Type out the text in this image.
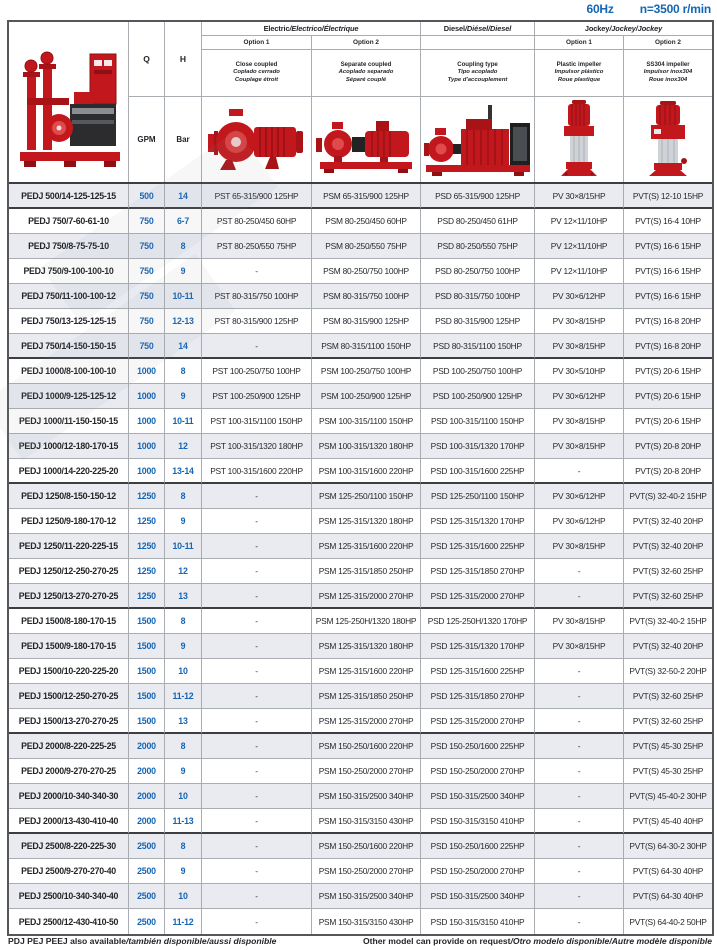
60Hz n=3500 r/min
Q	H
Electric /Electrico/Électrique	Diesel /Diésel/Diesel	Jockey /Jockey/Jockey
Option 1	Option 2	Option 1	Option 2
Close coupled
Coplado cerrado
Couplage étroit
Separate coupled
Acoplado separado
Séparé couplé
Coupling type
Tipo acoplado
Type d'accouplement
Plastic impeller
Impulsor plástico
Roue plastique
SS304 impeller
Impulsor inox304
Roue inox304
GPM	Bar
PEDJ 500/14-125-125-15	500	14	PST 65-315/900 125HP	PSM 65-315/900 125HP	PSD 65-315/900 125HP	PV 30×8/15HP	PVT(S) 12-10 15HP
PEDJ 750/7-60-61-10	750	6-7	PST 80-250/450 60HP	PSM 80-250/450 60HP	PSD 80-250/450 61HP	PV 12×11/10HP	PVT(S) 16-4 10HP
PEDJ 750/8-75-75-10	750	8	PST 80-250/550 75HP	PSM 80-250/550 75HP	PSD 80-250/550 75HP	PV 12×11/10HP	PVT(S) 16-6 15HP
PEDJ 750/9-100-100-10	750	9	-	PSM 80-250/750 100HP	PSD 80-250/750 100HP	PV 12×11/10HP	PVT(S) 16-6 15HP
PEDJ 750/11-100-100-12	750	10-11	PST 80-315/750 100HP	PSM 80-315/750 100HP	PSD 80-315/750 100HP	PV 30×6/12HP	PVT(S) 16-6 15HP
PEDJ 750/13-125-125-15	750	12-13	PST 80-315/900 125HP	PSM 80-315/900 125HP	PSD 80-315/900 125HP	PV 30×8/15HP	PVT(S) 16-8 20HP
PEDJ 750/14-150-150-15	750	14	-	PSM 80-315/1100 150HP	PSD 80-315/1100 150HP	PV 30×8/15HP	PVT(S) 16-8 20HP
PEDJ 1000/8-100-100-10	1000	8	PST 100-250/750 100HP	PSM 100-250/750 100HP	PSD 100-250/750 100HP	PV 30×5/10HP	PVT(S) 20-6 15HP
PEDJ 1000/9-125-125-12	1000	9	PST 100-250/900 125HP	PSM 100-250/900 125HP	PSD 100-250/900 125HP	PV 30×6/12HP	PVT(S) 20-6 15HP
PEDJ 1000/11-150-150-15	1000	10-11	PST 100-315/1100 150HP	PSM 100-315/1100 150HP	PSD 100-315/1100 150HP	PV 30×8/15HP	PVT(S) 20-6 15HP
PEDJ 1000/12-180-170-15	1000	12	PST 100-315/1320 180HP	PSM 100-315/1320 180HP	PSD 100-315/1320 170HP	PV 30×8/15HP	PVT(S) 20-8 20HP
PEDJ 1000/14-220-225-20	1000	13-14	PST 100-315/1600 220HP	PSM 100-315/1600 220HP	PSD 100-315/1600 225HP	-	PVT(S) 20-8 20HP
PEDJ 1250/8-150-150-12	1250	8	-	PSM 125-250/1100 150HP	PSD 125-250/1100 150HP	PV 30×6/12HP	PVT(S) 32-40-2 15HP
PEDJ 1250/9-180-170-12	1250	9	-	PSM 125-315/1320 180HP	PSD 125-315/1320 170HP	PV 30×6/12HP	PVT(S) 32-40 20HP
PEDJ 1250/11-220-225-15	1250	10-11	-	PSM 125-315/1600 220HP	PSD 125-315/1600 225HP	PV 30×8/15HP	PVT(S) 32-40 20HP
PEDJ 1250/12-250-270-25	1250	12	-	PSM 125-315/1850 250HP	PSD 125-315/1850 270HP	-	PVT(S) 32-60 25HP
PEDJ 1250/13-270-270-25	1250	13	-	PSM 125-315/2000 270HP	PSD 125-315/2000 270HP	-	PVT(S) 32-60 25HP
PEDJ 1500/8-180-170-15	1500	8	-	PSM 125-250H/1320 180HP	PSD 125-250H/1320 170HP	PV 30×8/15HP	PVT(S) 32-40-2 15HP
PEDJ 1500/9-180-170-15	1500	9	-	PSM 125-315/1320 180HP	PSD 125-315/1320 170HP	PV 30×8/15HP	PVT(S) 32-40 20HP
PEDJ 1500/10-220-225-20	1500	10	-	PSM 125-315/1600 220HP	PSD 125-315/1600 225HP	-	PVT(S) 32-50-2 20HP
PEDJ 1500/12-250-270-25	1500	11-12	-	PSM 125-315/1850 250HP	PSD 125-315/1850 270HP	-	PVT(S) 32-60 25HP
PEDJ 1500/13-270-270-25	1500	13	-	PSM 125-315/2000 270HP	PSD 125-315/2000 270HP	-	PVT(S) 32-60 25HP
PEDJ 2000/8-220-225-25	2000	8	-	PSM 150-250/1600 220HP	PSD 150-250/1600 225HP	-	PVT(S) 45-30 25HP
PEDJ 2000/9-270-270-25	2000	9	-	PSM 150-250/2000 270HP	PSD 150-250/2000 270HP	-	PVT(S) 45-30 25HP
PEDJ 2000/10-340-340-30	2000	10	-	PSM 150-315/2500 340HP	PSD 150-315/2500 340HP	-	PVT(S) 45-40-2 30HP
PEDJ 2000/13-430-410-40	2000	11-13	-	PSM 150-315/3150 430HP	PSD 150-315/3150 410HP	-	PVT(S) 45-40 40HP
PEDJ 2500/8-220-225-30	2500	8	-	PSM 150-250/1600 220HP	PSD 150-250/1600 225HP	-	PVT(S) 64-30-2 30HP
PEDJ 2500/9-270-270-40	2500	9	-	PSM 150-250/2000 270HP	PSD 150-250/2000 270HP	-	PVT(S) 64-30 40HP
PEDJ 2500/10-340-340-40	2500	10	-	PSM 150-315/2500 340HP	PSD 150-315/2500 340HP	-	PVT(S) 64-30 40HP
PEDJ 2500/12-430-410-50	2500	11-12	-	PSM 150-315/3150 430HP	PSD 150-315/3150 410HP	-	PVT(S) 64-40-2 50HP
PDJ PEJ PEEJ also available/también disponible/aussi disponible	Other model can provide on request/Otro modelo disponible/Autre modèle disponible
